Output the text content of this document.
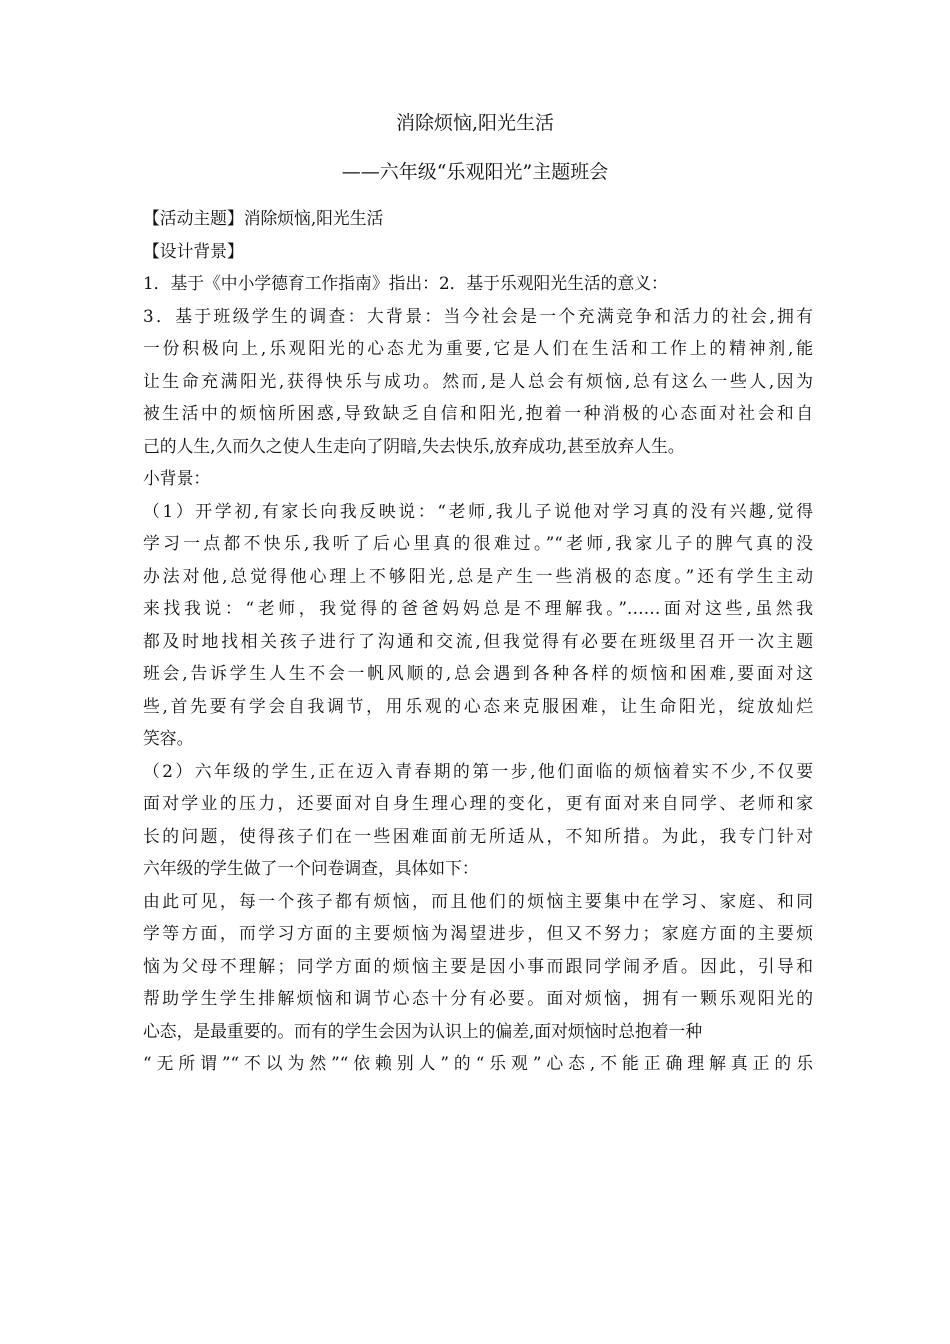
消除烦恼,阳光生活
——六年级“乐观阳光”主题班会
【活动主题】消除烦恼,阳光生活
【设计背景】
1．基于《中小学德育工作指南》指出：2．基于乐观阳光生活的意义：
3．基于班级学生的调查：大背景：当今社会是一个充满竞争和活力的社会,拥有
一份积极向上,乐观阳光的心态尤为重要,它是人们在生活和工作上的精神剂,能
让生命充满阳光,获得快乐与成功。然而,是人总会有烦恼,总有这么一些人,因为
被生活中的烦恼所困惑,导致缺乏自信和阳光,抱着一种消极的心态面对社会和自
己的人生,久而久之使人生走向了阴暗,失去快乐,放弃成功,甚至放弃人生。
小背景：
（1）开学初,有家长向我反映说：“老师,我儿子说他对学习真的没有兴趣,觉得
学习一点都不快乐,我听了后心里真的很难过。”“老师,我家儿子的脾气真的没
办法对他,总觉得他心理上不够阳光,总是产生一些消极的态度。”还有学生主动
来找我说：“老师，我觉得的爸爸妈妈总是不理解我。”……面对这些,虽然我
都及时地找相关孩子进行了沟通和交流,但我觉得有必要在班级里召开一次主题
班会,告诉学生人生不会一帆风顺的,总会遇到各种各样的烦恼和困难,要面对这
些,首先要有学会自我调节，用乐观的心态来克服困难，让生命阳光，绽放灿烂
笑容。
（2）六年级的学生,正在迈入青春期的第一步,他们面临的烦恼着实不少,不仅要
面对学业的压力，还要面对自身生理心理的变化，更有面对来自同学、老师和家
长的问题，使得孩子们在一些困难面前无所适从，不知所措。为此，我专门针对
六年级的学生做了一个问卷调查，具体如下：
由此可见，每一个孩子都有烦恼，而且他们的烦恼主要集中在学习、家庭、和同
学等方面，而学习方面的主要烦恼为渴望进步，但又不努力；家庭方面的主要烦
恼为父母不理解；同学方面的烦恼主要是因小事而跟同学闹矛盾。因此，引导和
帮助学生学生排解烦恼和调节心态十分有必要。面对烦恼，拥有一颗乐观阳光的
心态，是最重要的。而有的学生会因为认识上的偏差,面对烦恼时总抱着一种
“无所谓”“不以为然”“依赖别人”的“乐观”心态,不能正确理解真正的乐
